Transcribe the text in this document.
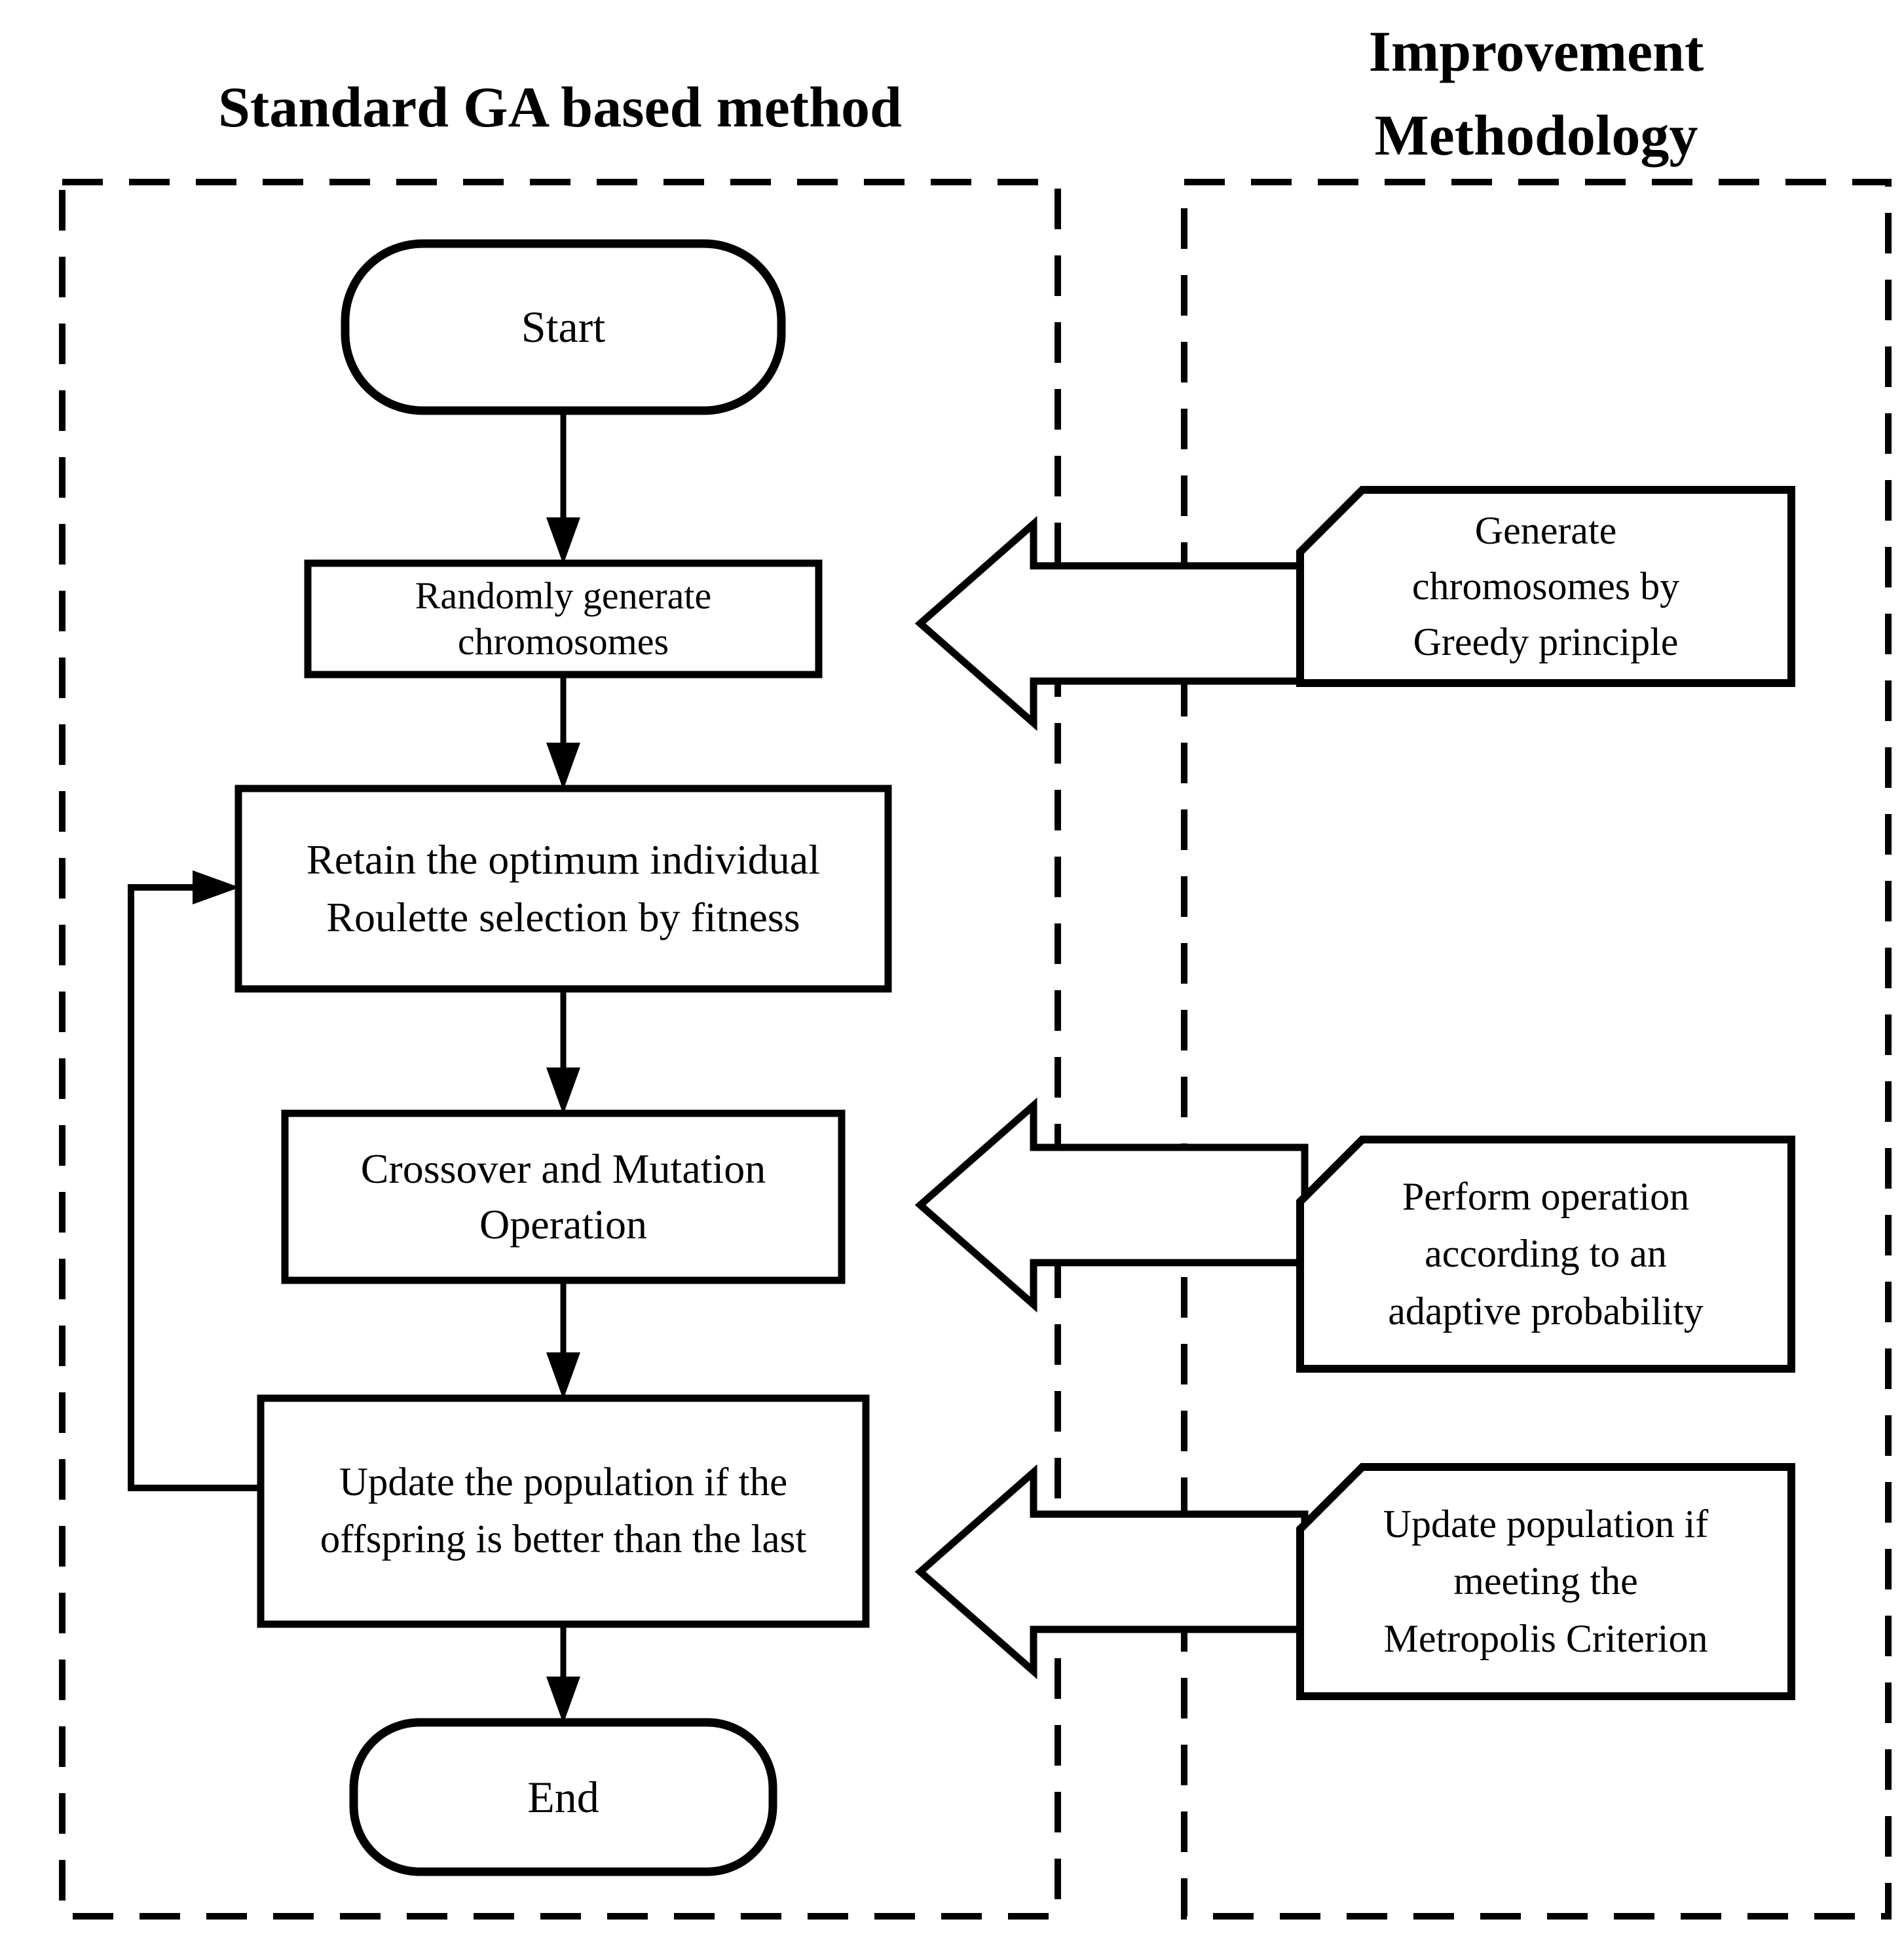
Standard GA based method
Improvement
Methodology
Start
Randomly generate
chromosomes
Retain the optimum individual
Roulette selection by fitness
Crossover and Mutation
Operation
Update the population if the
offspring is better than the last
End
Generate
chromosomes by
Greedy principle
Perform operation
according to an
adaptive probability
Update population if
meeting the
Metropolis Criterion
